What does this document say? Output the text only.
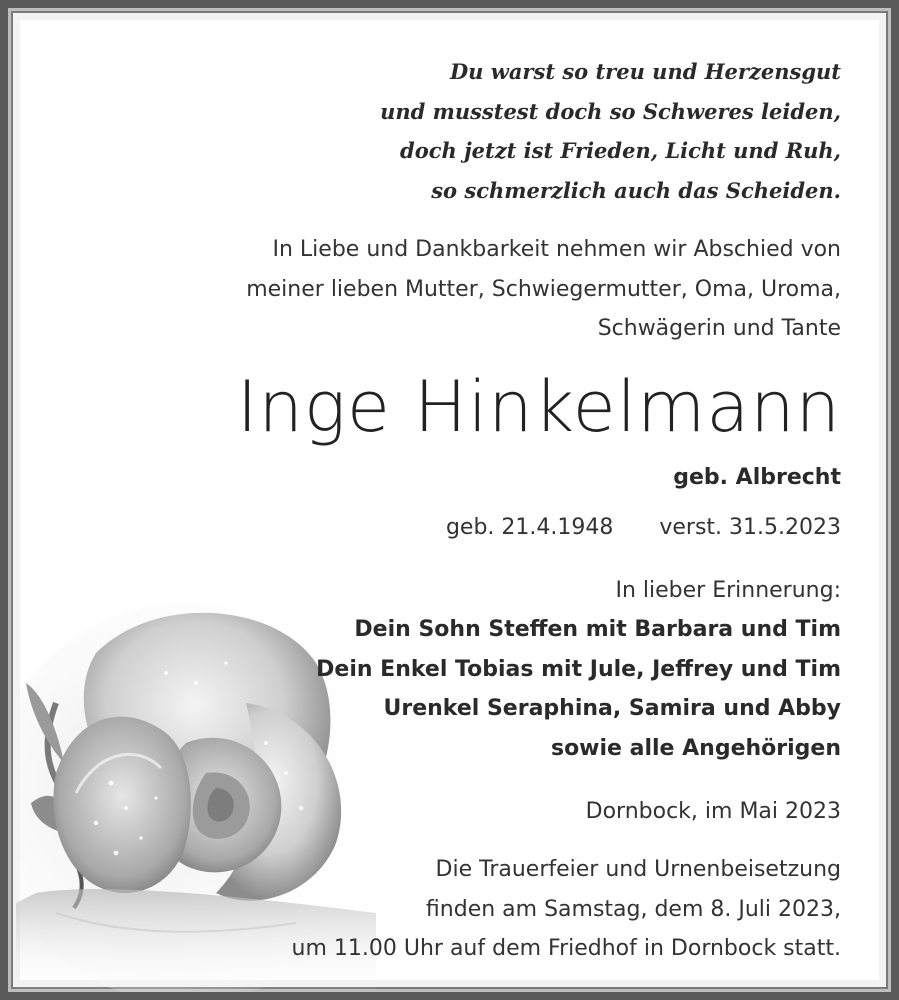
Du warst so treu und Herzensgut
und musstest doch so Schweres leiden,
doch jetzt ist Frieden, Licht und Ruh,
so schmerzlich auch das Scheiden.
In Liebe und Dankbarkeit nehmen wir Abschied von
meiner lieben Mutter, Schwiegermutter, Oma, Uroma,
Schwägerin und Tante
Inge Hinkelmann
geb. Albrecht
geb. 21.4.1948 verst. 31.5.2023
In lieber Erinnerung:
Dein Sohn Steffen mit Barbara und Tim
Dein Enkel Tobias mit Jule, Jeffrey und Tim
Urenkel Seraphina, Samira und Abby
sowie alle Angehörigen
Dornbock, im Mai 2023
Die Trauerfeier und Urnenbeisetzung
finden am Samstag, dem 8. Juli 2023,
um 11.00 Uhr auf dem Friedhof in Dornbock statt.
